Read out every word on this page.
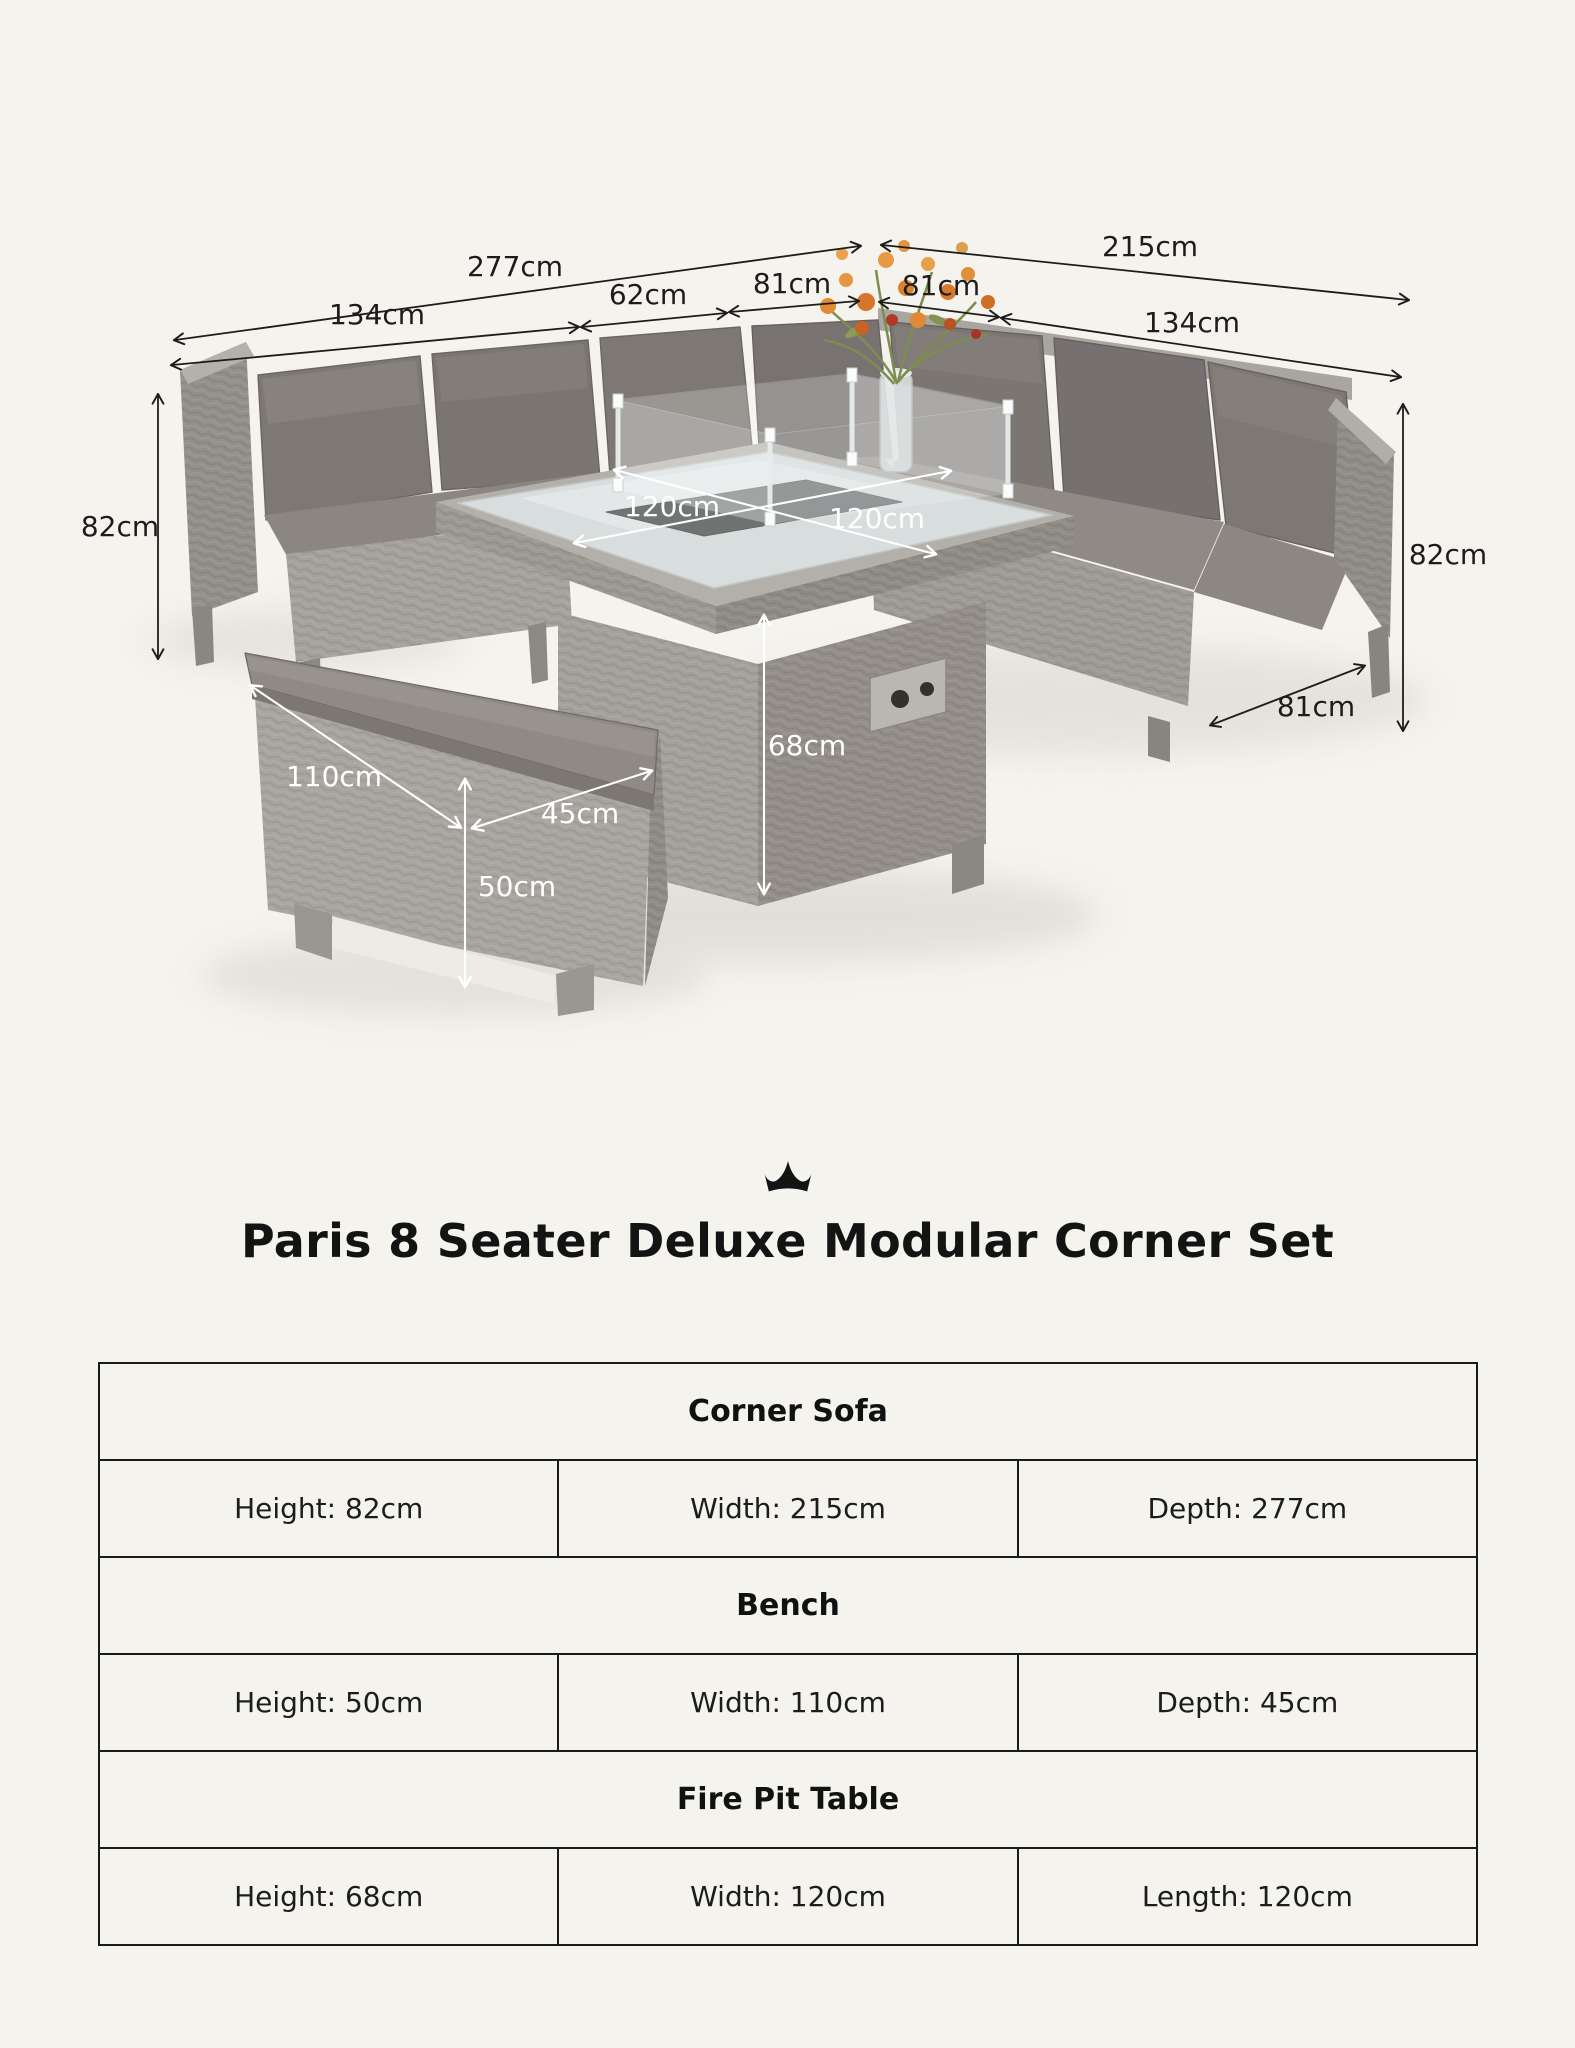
277cm
215cm
134cm
62cm 81cm	81cm
134cm
82cm
82cm
81cm
120cm	120cm
68cm
110cm
45cm
50cm
Paris 8 Seater Deluxe Modular Corner Set
Corner Sofa		
Height: 82cm	Width: 215cm	Depth: 277cm
Bench		
Height: 50cm	Width: 110cm	Depth: 45cm
Fire Pit Table		
Height: 68cm	Width: 120cm	Length: 120cm
